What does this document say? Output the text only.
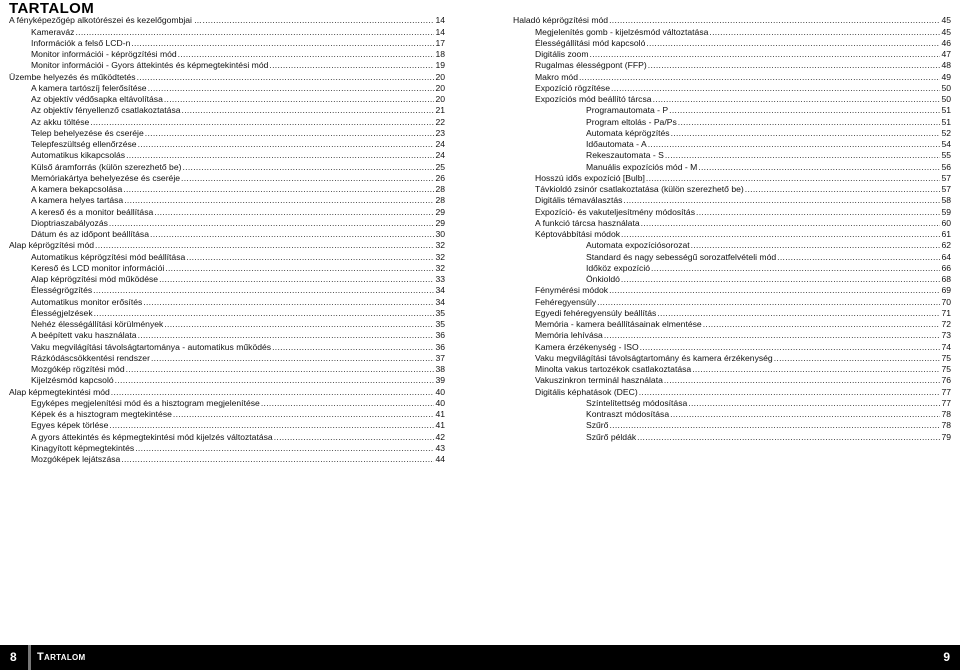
TARTALOM
A fényképezőgép alkotórészei és kezelőgombjai ... .....	14
Kameraváz .....	14
Információk a felső LCD-n .....	17
Monitor információi - képrögzítési mód .....	18
Monitor információi - Gyors áttekintés és képmegtekintési mód .....	19
Üzembe helyezés és működtetés .....	20
A kamera tartószíj felerősítése .....	20
Az objektív védősapka eltávolítása .....	20
Az objektív fényellenző csatlakoztatása .....	21
Az akku töltése .....	22
Telep behelyezése és cseréje .....	23
Telepfeszültség ellenőrzése .....	24
Automatikus kikapcsolás .....	24
Külső áramforrás (külön szerezhető be) .....	25
Memóriakártya behelyezése és cseréje .....	26
A kamera bekapcsolása .....	28
A kamera helyes tartása .....	28
A kereső és a monitor beállítása .....	29
Dioptriaszabályozás .....	29
Dátum és az időpont beállítása .....	30
Alap képrögzítési mód .....	32
Automatikus képrögzítési mód beállítása .....	32
Kereső és LCD monitor információi .....	32
Alap képrögzítési mód működése .....	33
Élességrögzítés .....	34
Automatikus monitor erősítés .....	34
Élességjelzések .....	35
Nehéz élességállítási körülmények .....	35
A beépített vaku használata .....	36
Vaku megvilágítási távolságtartománya - automatikus működés .....	36
Rázkódáscsökkentési rendszer .....	37
Mozgókép rögzítési mód .....	38
Kijelzésmód kapcsoló .....	39
Alap képmegtekintési mód .....	40
Egyképes megjelenítési mód és a hisztogram megjelenítése .....	40
Képek és a hisztogram megtekintése .....	41
Egyes képek törlése .....	41
A gyors áttekintés és képmegtekintési mód kijelzés változtatása .....	42
Kinagyított képmegtekintés .....	43
Mozgóképek lejátszása .....	44
Haladó képrögzítési mód .....	45
Megjelenítés gomb - kijelzésmód változtatása .....	45
Élességállítási mód kapcsoló .....	46
Digitális zoom .....	47
Rugalmas élességpont (FFP) .....	48
Makro mód .....	49
Expozíció rögzítése .....	50
Expozíciós mód beállító tárcsa .....	50
Programautomata - P .....	51
Program eltolás - Pa/Ps .....	51
Automata képrögzítés .....	52
Időautomata - A .....	54
Rekeszautomata - S .....	55
Manuális expozíciós mód - M .....	56
Hosszú idős expozíció [Bulb] .....	57
Távkioldó zsinór csatlakoztatása (külön szerezhető be) .....	57
Digitális témaválasztás .....	58
Expozíció- és vakuteljesítmény módosítás .....	59
A funkció tárcsa használata .....	60
Képtovábbítási módok .....	61
Automata expozíciósorozat .....	62
Standard és nagy sebességű sorozatfelvételi mód .....	64
Időköz expozíció .....	66
Önkioldó .....	68
Fénymérési módok .....	69
Fehéregyensúly .....	70
Egyedi fehéregyensúly beállítás .....	71
Memória - kamera beállításainak elmentése .....	72
Memória lehívása .....	73
Kamera érzékenység - ISO .....	74
Vaku megvilágítási távolságtartomány és kamera érzékenység .....	75
Minolta vakus tartozékok csatlakoztatása .....	75
Vakuszinkron terminál használata .....	76
Digitális képhatások (DEC) .....	77
Színtelítettség módosítása .....	77
Kontraszt módosítása .....	78
Szűrő .....	78
Szűrő példák .....	79
8 Tartalom	9
